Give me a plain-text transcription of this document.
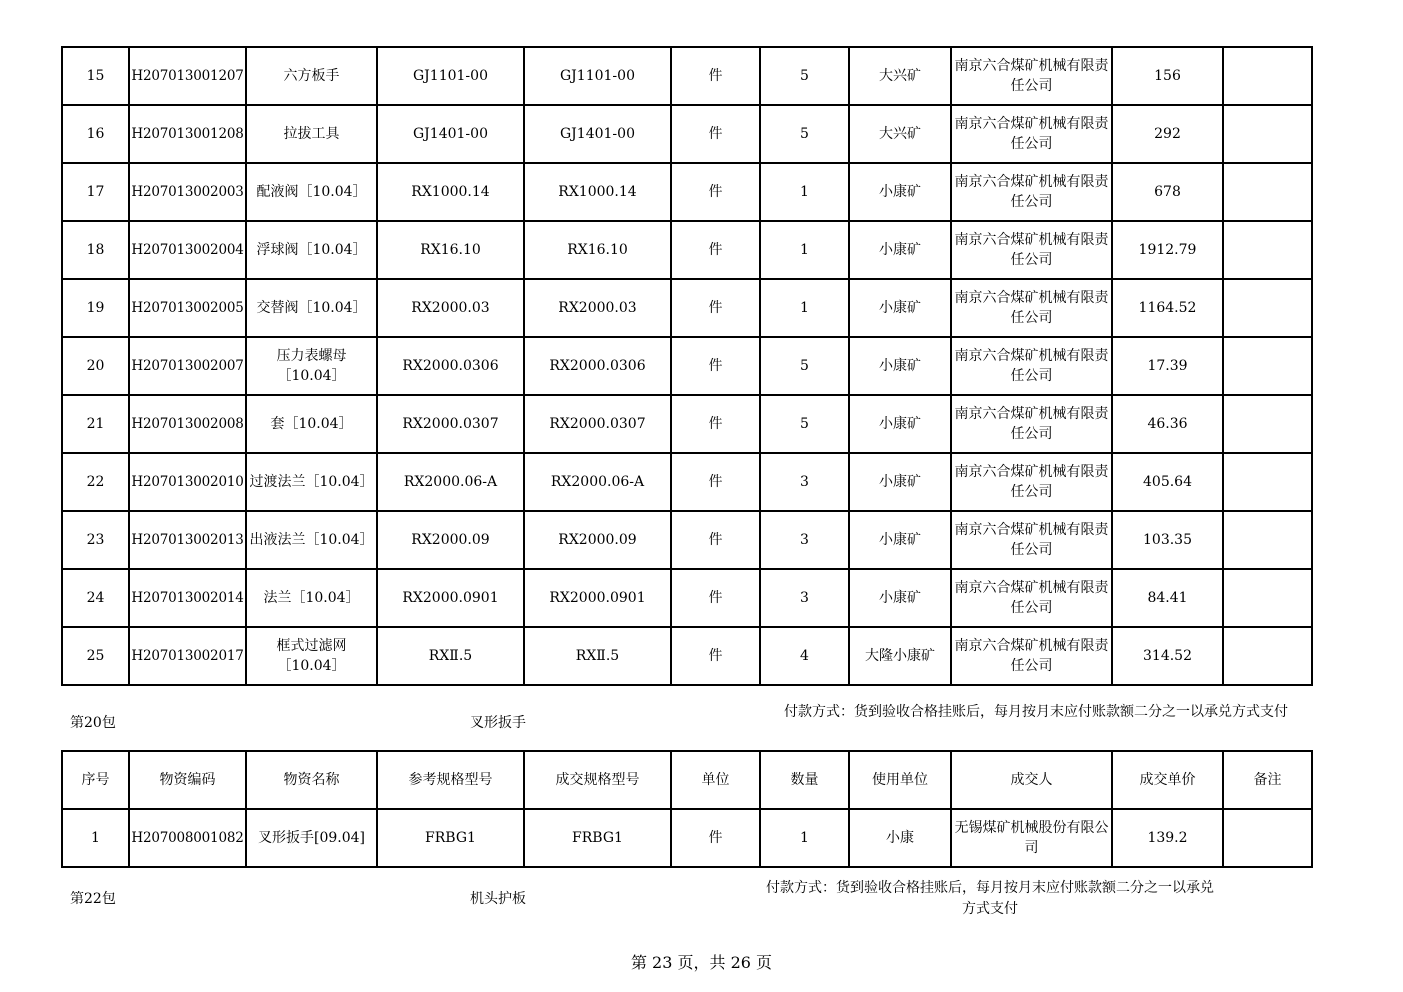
15	H207013001207	六方板手	GJ1101-00	GJ1101-00	件	5	大兴矿	南京六合煤矿机械有限责任公司	156	
16	H207013001208	拉拔工具	GJ1401-00	GJ1401-00	件	5	大兴矿	南京六合煤矿机械有限责任公司	292	
17	H207013002003	配液阀［10.04］	RX1000.14	RX1000.14	件	1	小康矿	南京六合煤矿机械有限责任公司	678	
18	H207013002004	浮球阀［10.04］	RX16.10	RX16.10	件	1	小康矿	南京六合煤矿机械有限责任公司	1912.79	
19	H207013002005	交替阀［10.04］	RX2000.03	RX2000.03	件	1	小康矿	南京六合煤矿机械有限责任公司	1164.52	
20	H207013002007	压力表螺母［10.04］	RX2000.0306	RX2000.0306	件	5	小康矿	南京六合煤矿机械有限责任公司	17.39	
21	H207013002008	套［10.04］	RX2000.0307	RX2000.0307	件	5	小康矿	南京六合煤矿机械有限责任公司	46.36	
22	H207013002010	过渡法兰［10.04］	RX2000.06-A	RX2000.06-A	件	3	小康矿	南京六合煤矿机械有限责任公司	405.64	
23	H207013002013	出液法兰［10.04］	RX2000.09	RX2000.09	件	3	小康矿	南京六合煤矿机械有限责任公司	103.35	
24	H207013002014	法兰［10.04］	RX2000.0901	RX2000.0901	件	3	小康矿	南京六合煤矿机械有限责任公司	84.41	
25	H207013002017	框式过滤网［10.04］	RXⅡ.5	RXⅡ.5	件	4	大隆小康矿	南京六合煤矿机械有限责任公司	314.52	
第20包	叉形扳手
付款方式：货到验收合格挂账后，每月按月末应付账款额二分之一以承兑方式支付
序号	物资编码	物资名称	参考规格型号	成交规格型号	单位	数量	使用单位	成交人	成交单价	备注
1	H207008001082	叉形扳手[09.04]	FRBG1	FRBG1	件	1	小康	无锡煤矿机械股份有限公司	139.2	
第22包	机头护板
付款方式：货到验收合格挂账后，每月按月末应付账款额二分之一以承兑方式支付
第 23 页，共 26 页
